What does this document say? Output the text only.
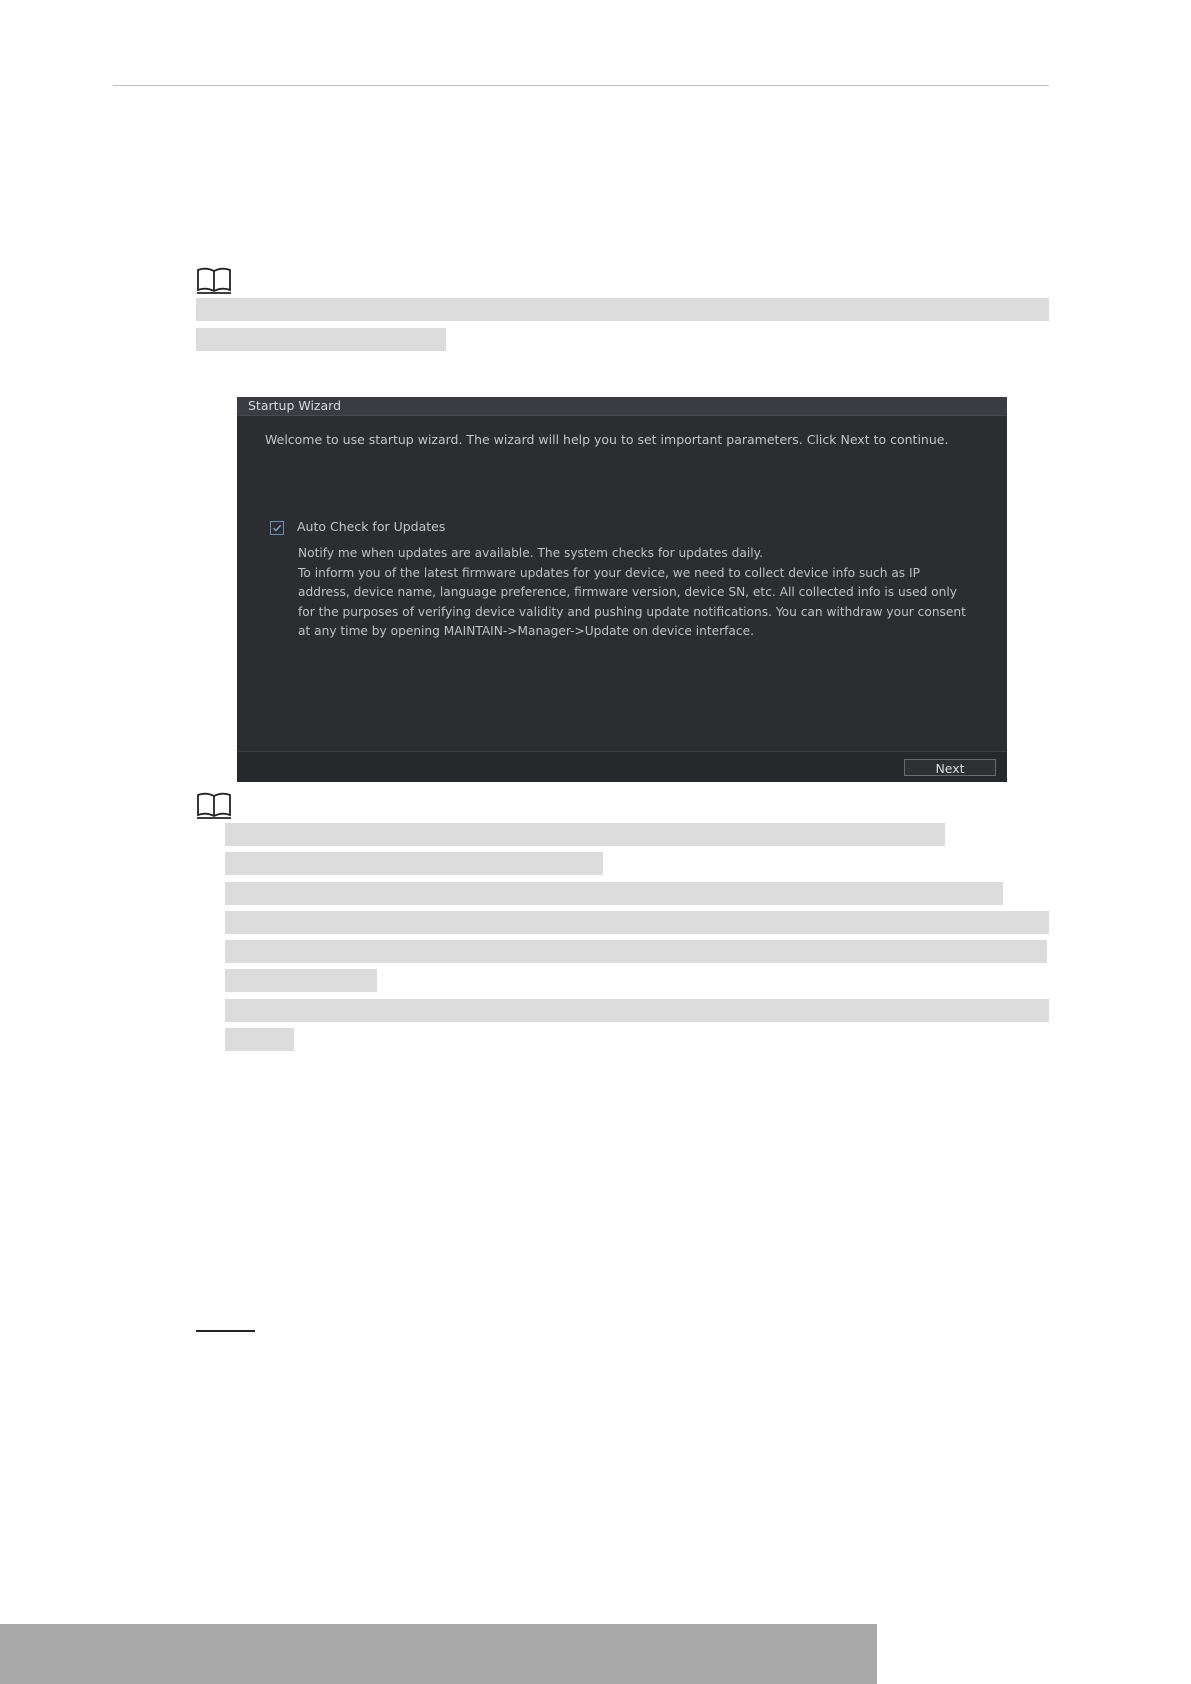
Startup Wizard
Welcome to use startup wizard. The wizard will help you to set important parameters. Click Next to continue.
Auto Check for Updates

Notify me when updates are available. The system checks for updates daily.

To inform you of the latest firmware updates for your device, we need to collect device info such as IP address, device name, language preference, firmware version, device SN, etc. All collected info is used only for the purposes of verifying device validity and pushing update notifications. You can withdraw your consent at any time by opening MAINTAIN->Manager->Update on device interface.

Next
